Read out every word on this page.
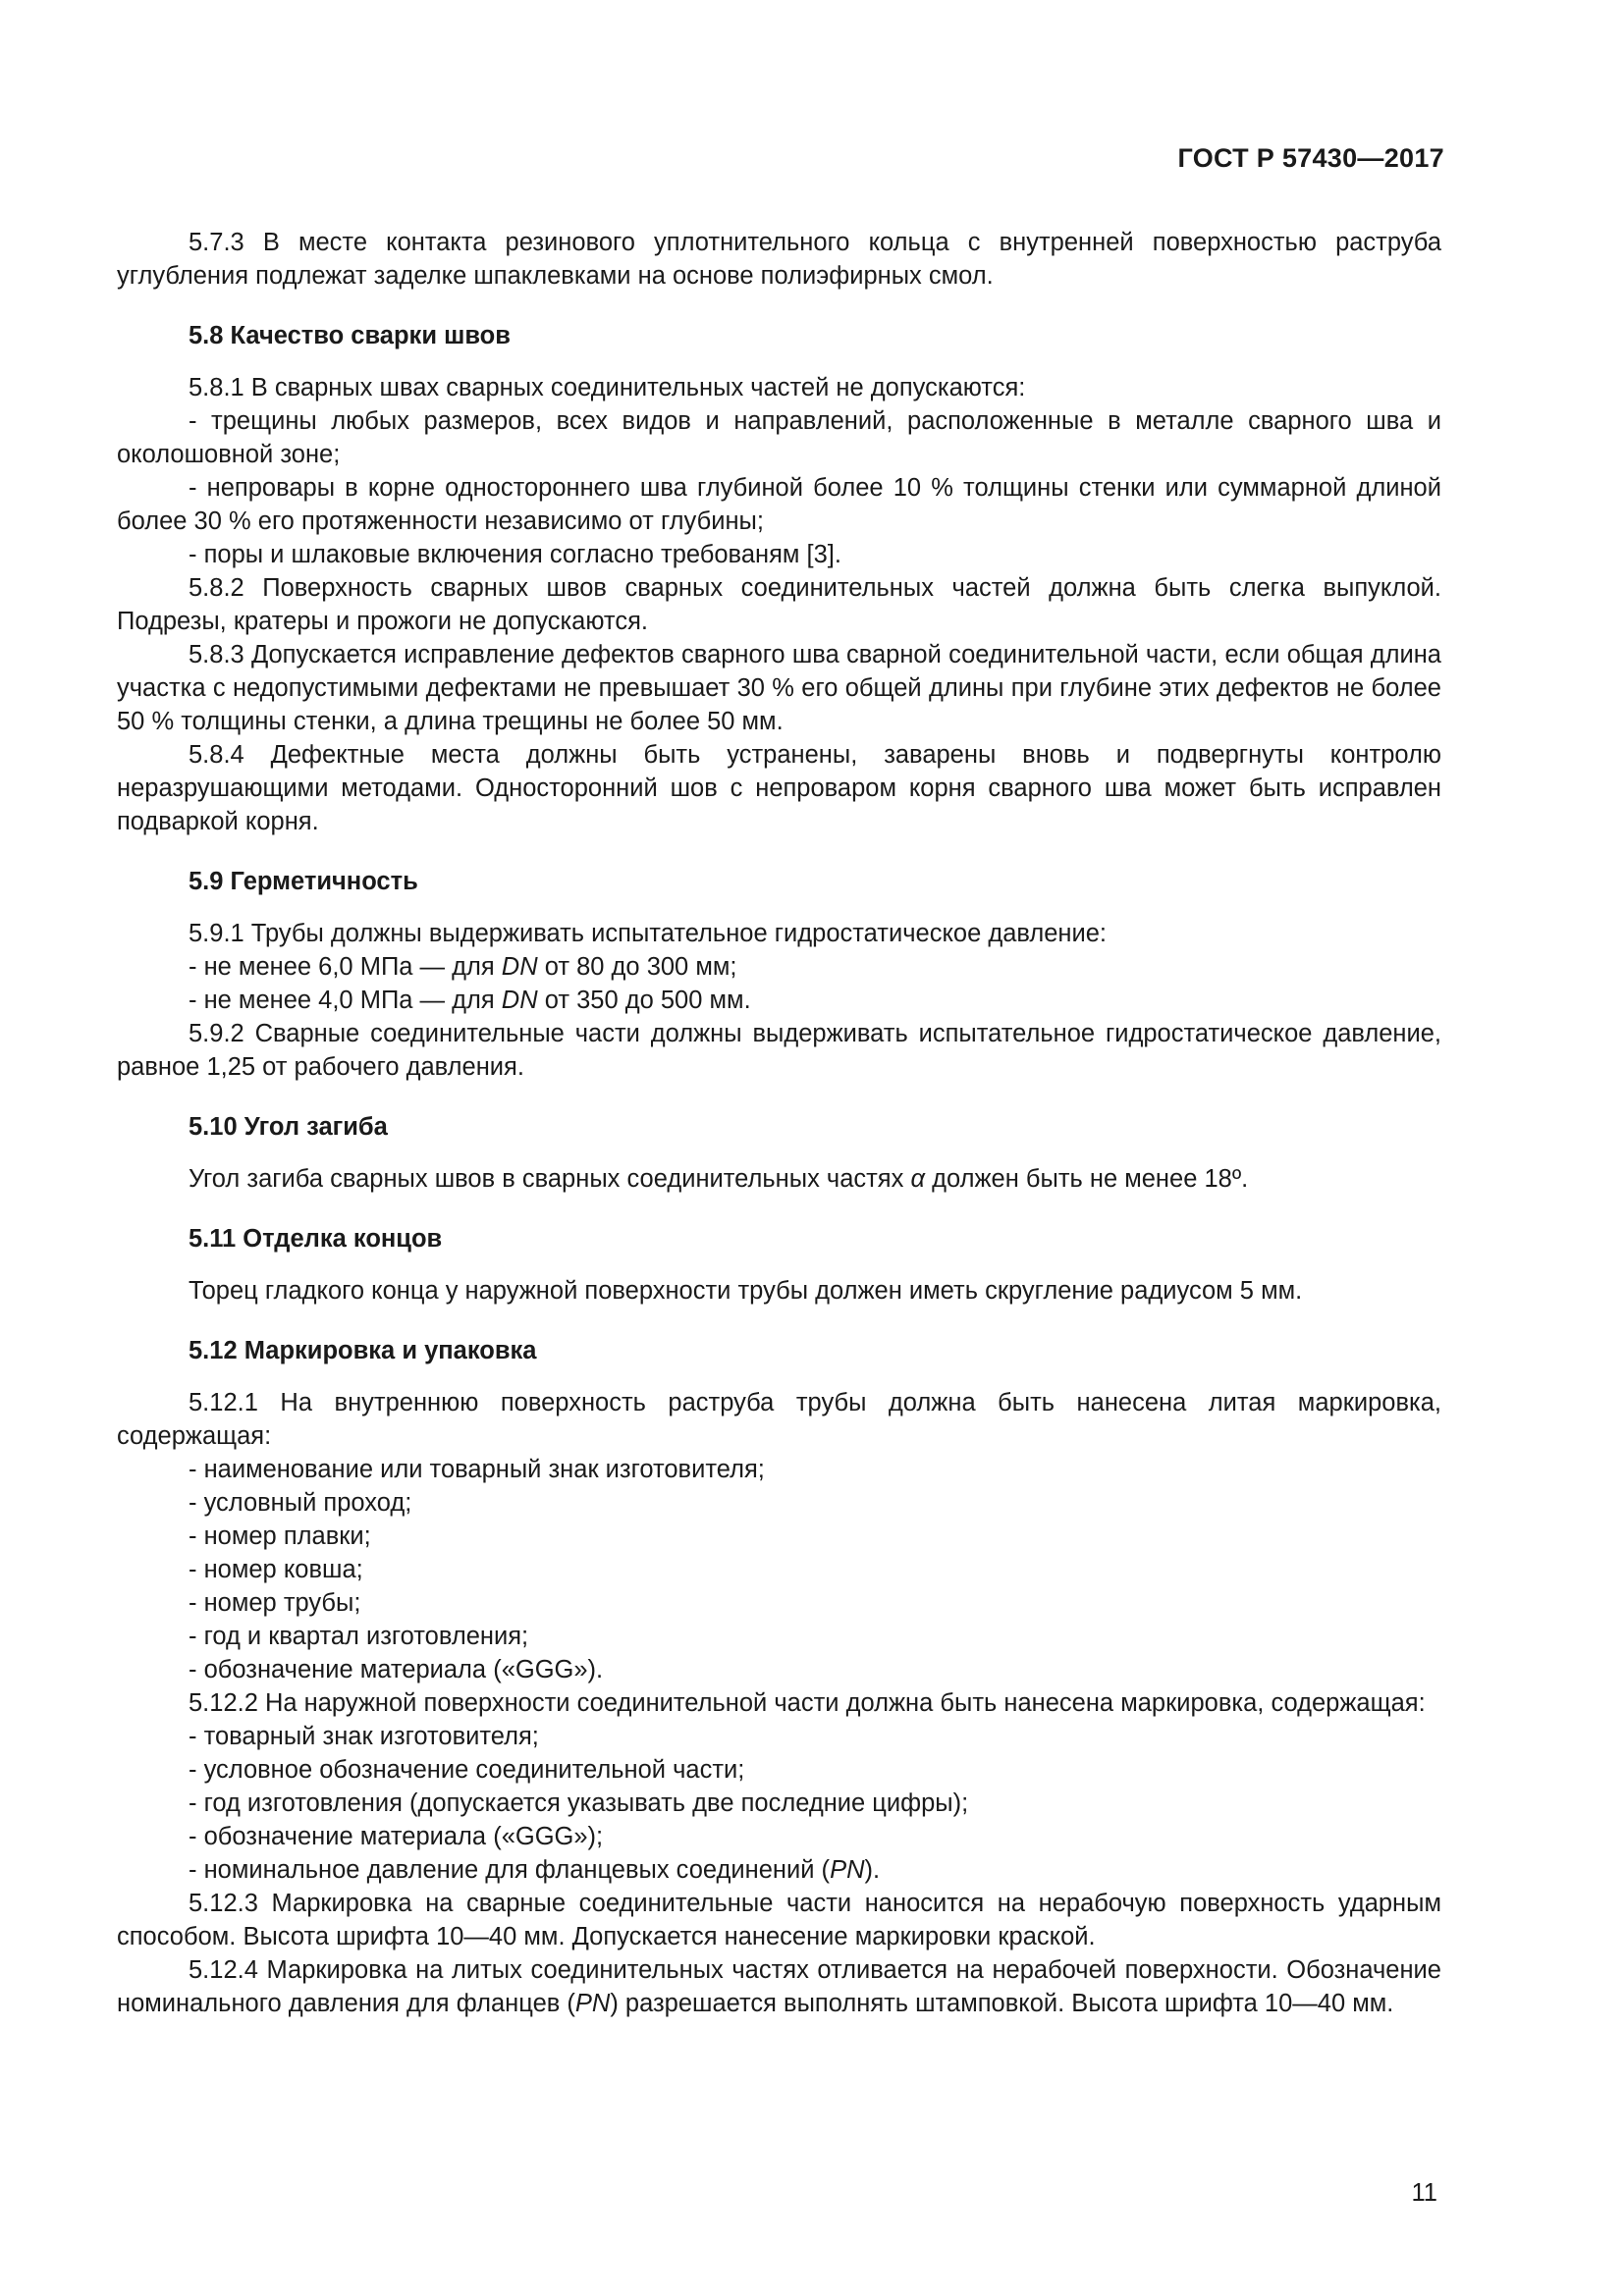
ГОСТ Р 57430—2017
5.7.3 В месте контакта резинового уплотнительного кольца с внутренней поверхностью раструба углубления подлежат заделке шпаклевками на основе полиэфирных смол.
5.8 Качество сварки швов
5.8.1 В сварных швах сварных соединительных частей не допускаются:
- трещины любых размеров, всех видов и направлений, расположенные в металле сварного шва и околошовной зоне;
- непровары в корне одностороннего шва глубиной более 10 % толщины стенки или суммарной длиной более 30 % его протяженности независимо от глубины;
- поры и шлаковые включения согласно требованям [3].
5.8.2 Поверхность сварных швов сварных соединительных частей должна быть слегка выпуклой. Подрезы, кратеры и прожоги не допускаются.
5.8.3 Допускается исправление дефектов сварного шва сварной соединительной части, если общая длина участка с недопустимыми дефектами не превышает 30 % его общей длины при глубине этих дефектов не более 50 % толщины стенки, а длина трещины не более 50 мм.
5.8.4 Дефектные места должны быть устранены, заварены вновь и подвергнуты контролю неразрушающими методами. Односторонний шов с непроваром корня сварного шва может быть исправлен подваркой корня.
5.9 Герметичность
5.9.1 Трубы должны выдерживать испытательное гидростатическое давление:
- не менее 6,0 МПа — для DN от 80 до 300 мм;
- не менее 4,0 МПа — для DN от 350 до 500 мм.
5.9.2 Сварные соединительные части должны выдерживать испытательное гидростатическое давление, равное 1,25 от рабочего давления.
5.10 Угол загиба
Угол загиба сварных швов в сварных соединительных частях α должен быть не менее 18º.
5.11 Отделка концов
Торец гладкого конца у наружной поверхности трубы должен иметь скругление радиусом 5 мм.
5.12 Маркировка и упаковка
5.12.1 На внутреннюю поверхность раструба трубы должна быть нанесена литая маркировка, содержащая:
- наименование или товарный знак изготовителя;
- условный проход;
- номер плавки;
- номер ковша;
- номер трубы;
- год и квартал изготовления;
- обозначение материала («GGG»).
5.12.2 На наружной поверхности соединительной части должна быть нанесена маркировка, содержащая:
- товарный знак изготовителя;
- условное обозначение соединительной части;
- год изготовления (допускается указывать две последние цифры);
- обозначение материала («GGG»);
- номинальное давление для фланцевых соединений (PN).
5.12.3 Маркировка на сварные соединительные части наносится на нерабочую поверхность ударным способом. Высота шрифта 10—40 мм. Допускается нанесение маркировки краской.
5.12.4 Маркировка на литых соединительных частях отливается на нерабочей поверхности. Обозначение номинального давления для фланцев (PN) разрешается выполнять штамповкой. Высота шрифта 10—40 мм.
11
